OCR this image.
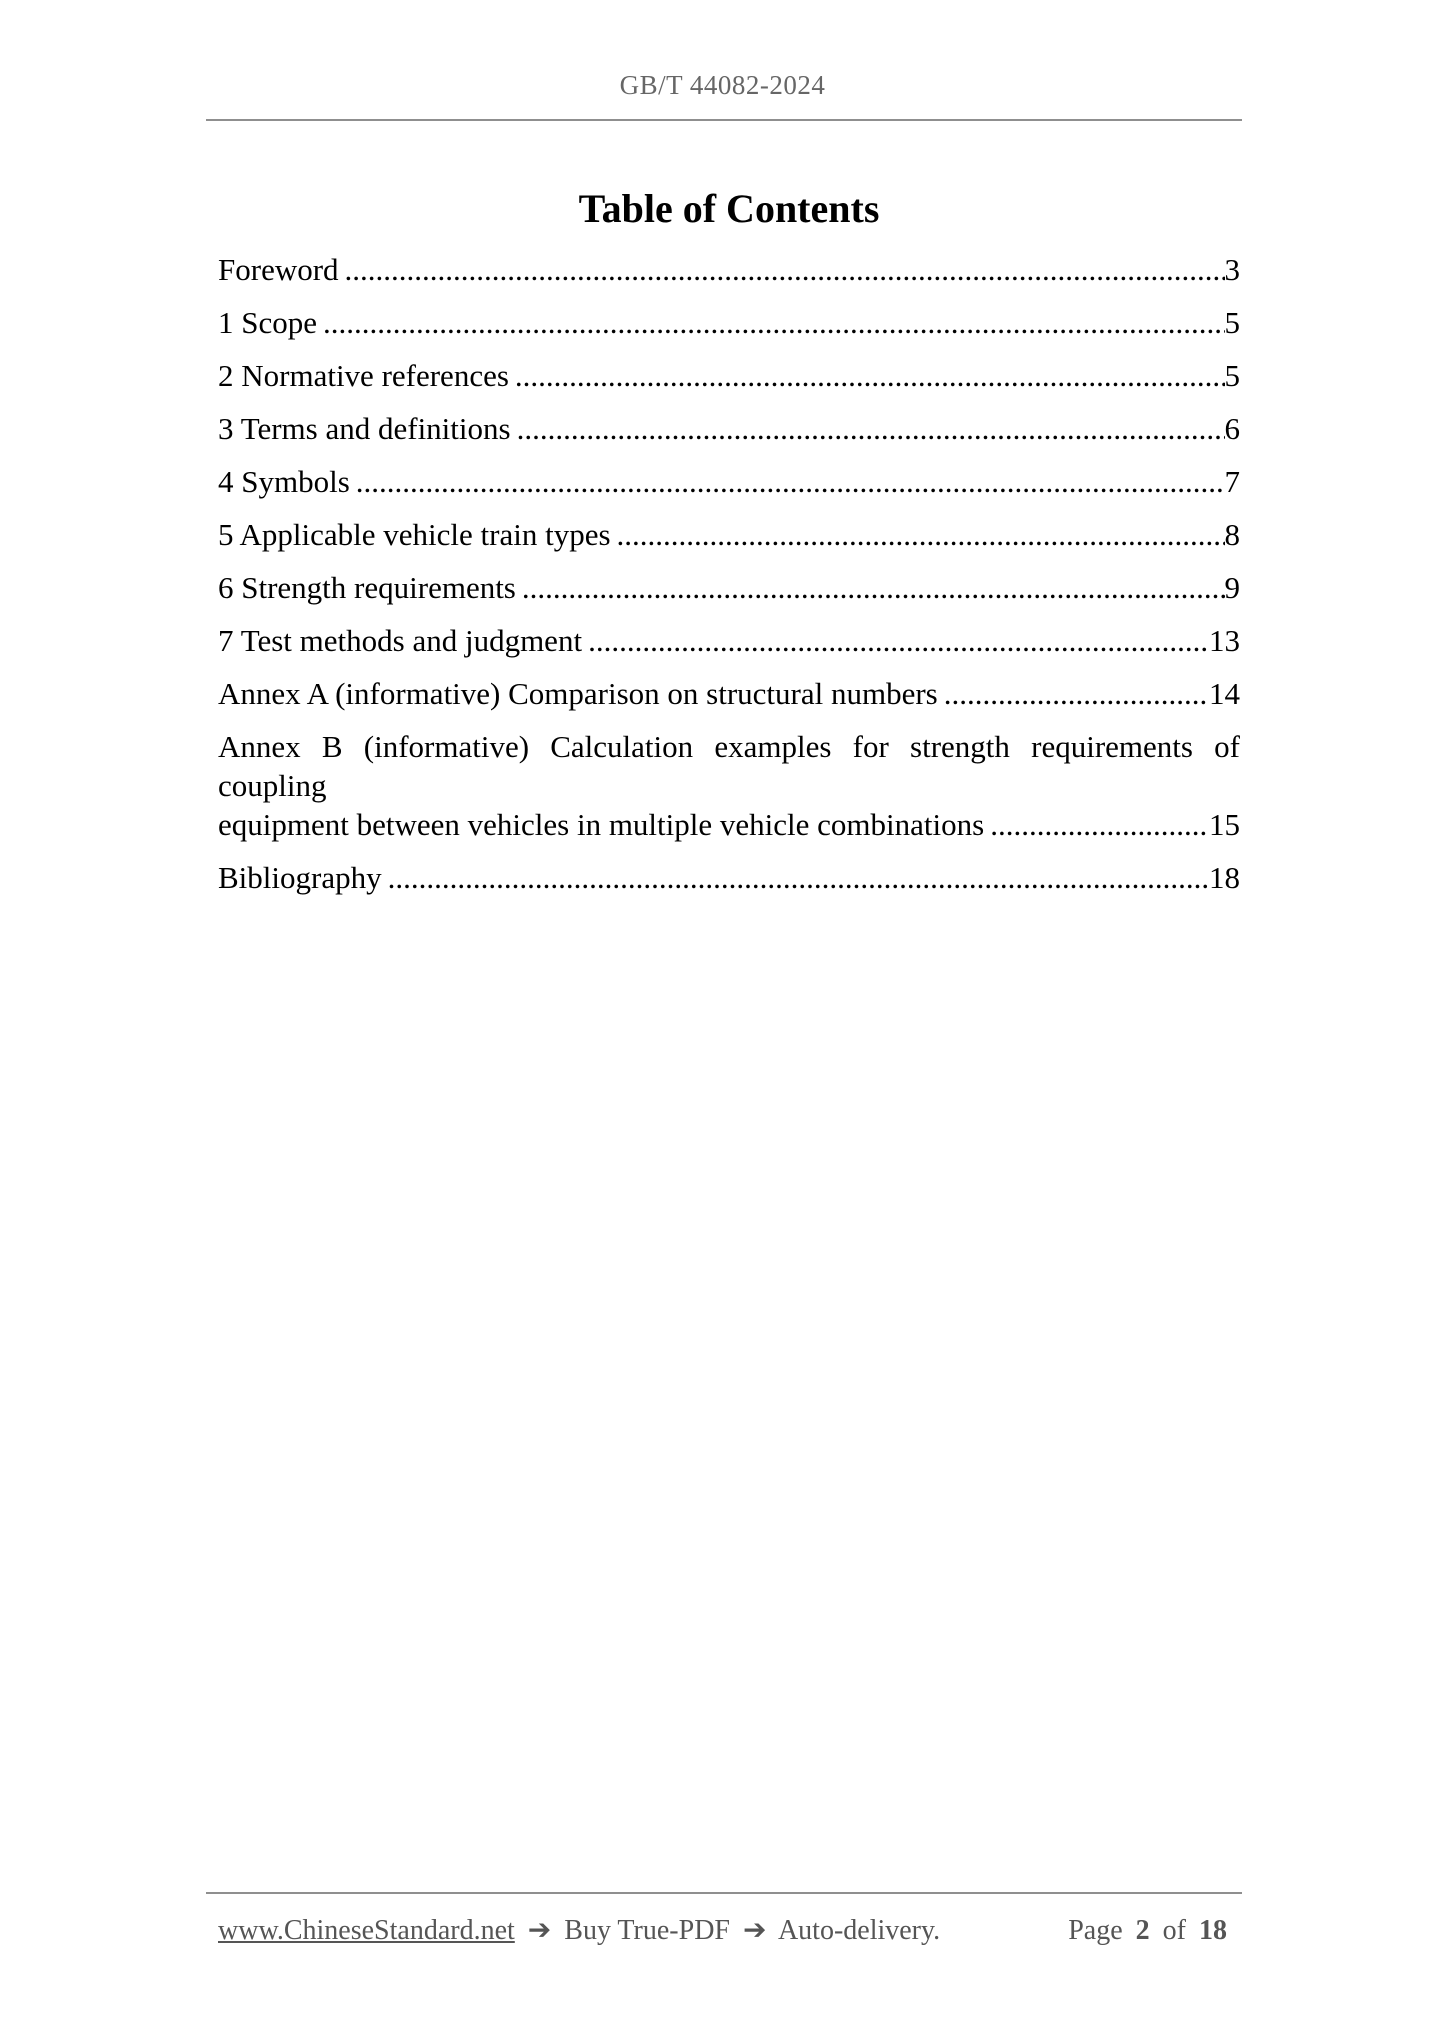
GB/T 44082-2024
Table of Contents
Foreword .....	3
1 Scope .....	5
2 Normative references .....	5
3 Terms and definitions .....	6
4 Symbols .....	7
5 Applicable vehicle train types .....	8
6 Strength requirements .....	9
7 Test methods and judgment .....	13
Annex A (informative) Comparison on structural numbers .....	14
Annex B (informative) Calculation examples for strength requirements of coupling
equipment between vehicles in multiple vehicle combinations .....	15
Bibliography .....	18
www.ChineseStandard.net ➔ Buy True-PDF ➔ Auto-delivery.	Page 2 of 18
